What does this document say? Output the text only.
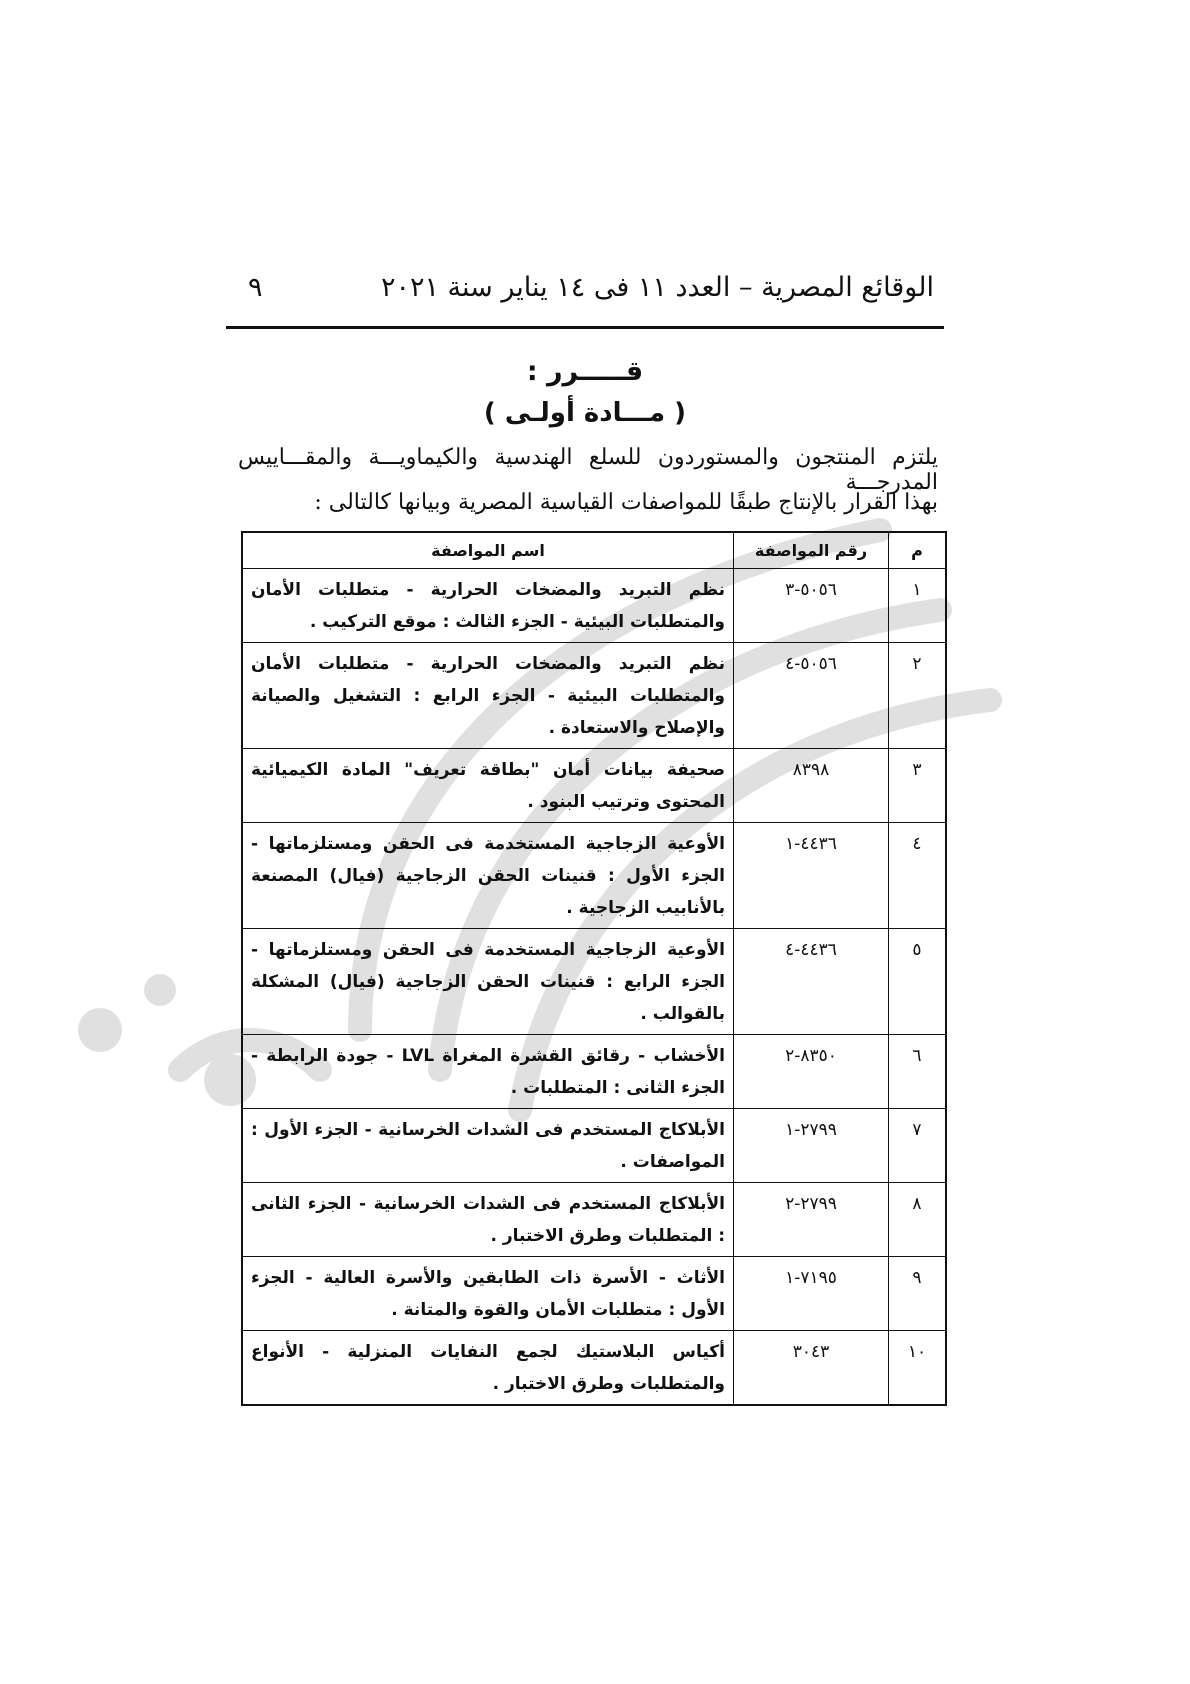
الوقائع المصرية – العدد ١١ فى ١٤ يناير سنة ٢٠٢١
٩
قـــــرر :
( مـــادة أولـى )
يلتزم المنتجون والمستوردون للسلع الهندسية والكيماويـــة والمقـــاييس المدرجـــة
بهذا القرار بالإنتاج طبقًا للمواصفات القياسية المصرية وبيانها كالتالى :
م	رقم المواصفة	اسم المواصفة
١	٥٠٥٦-٣	نظم التبريد والمضخات الحرارية - متطلبات الأمان والمتطلبات البيئية - الجزء الثالث : موقع التركيب .
٢	٥٠٥٦-٤	نظم التبريد والمضخات الحرارية - متطلبات الأمان والمتطلبات البيئية - الجزء الرابع : التشغيل والصيانة والإصلاح والاستعادة .
٣	٨٣٩٨	صحيفة بيانات أمان "بطاقة تعريف" المادة الكيميائية المحتوى وترتيب البنود .
٤	٤٤٣٦-١	الأوعية الزجاجية المستخدمة فى الحقن ومستلزماتها - الجزء الأول : قنينات الحقن الزجاجية (فيال) المصنعة بالأنابيب الزجاجية .
٥	٤٤٣٦-٤	الأوعية الزجاجية المستخدمة فى الحقن ومستلزماتها - الجزء الرابع : قنينات الحقن الزجاجية (فيال) المشكلة بالقوالب .
٦	٨٣٥٠-٢	الأخشاب - رقائق القشرة المغراة LVL - جودة الرابطة - الجزء الثانى : المتطلبات .
٧	٢٧٩٩-١	الأبلاكاج المستخدم فى الشدات الخرسانية - الجزء الأول : المواصفات .
٨	٢٧٩٩-٢	الأبلاكاج المستخدم فى الشدات الخرسانية - الجزء الثانى : المتطلبات وطرق الاختبار .
٩	٧١٩٥-١	الأثاث - الأسرة ذات الطابقين والأسرة العالية - الجزء الأول : متطلبات الأمان والقوة والمتانة .
١٠	٣٠٤٣	أكياس البلاستيك لجمع النفايات المنزلية - الأنواع والمتطلبات وطرق الاختبار .
